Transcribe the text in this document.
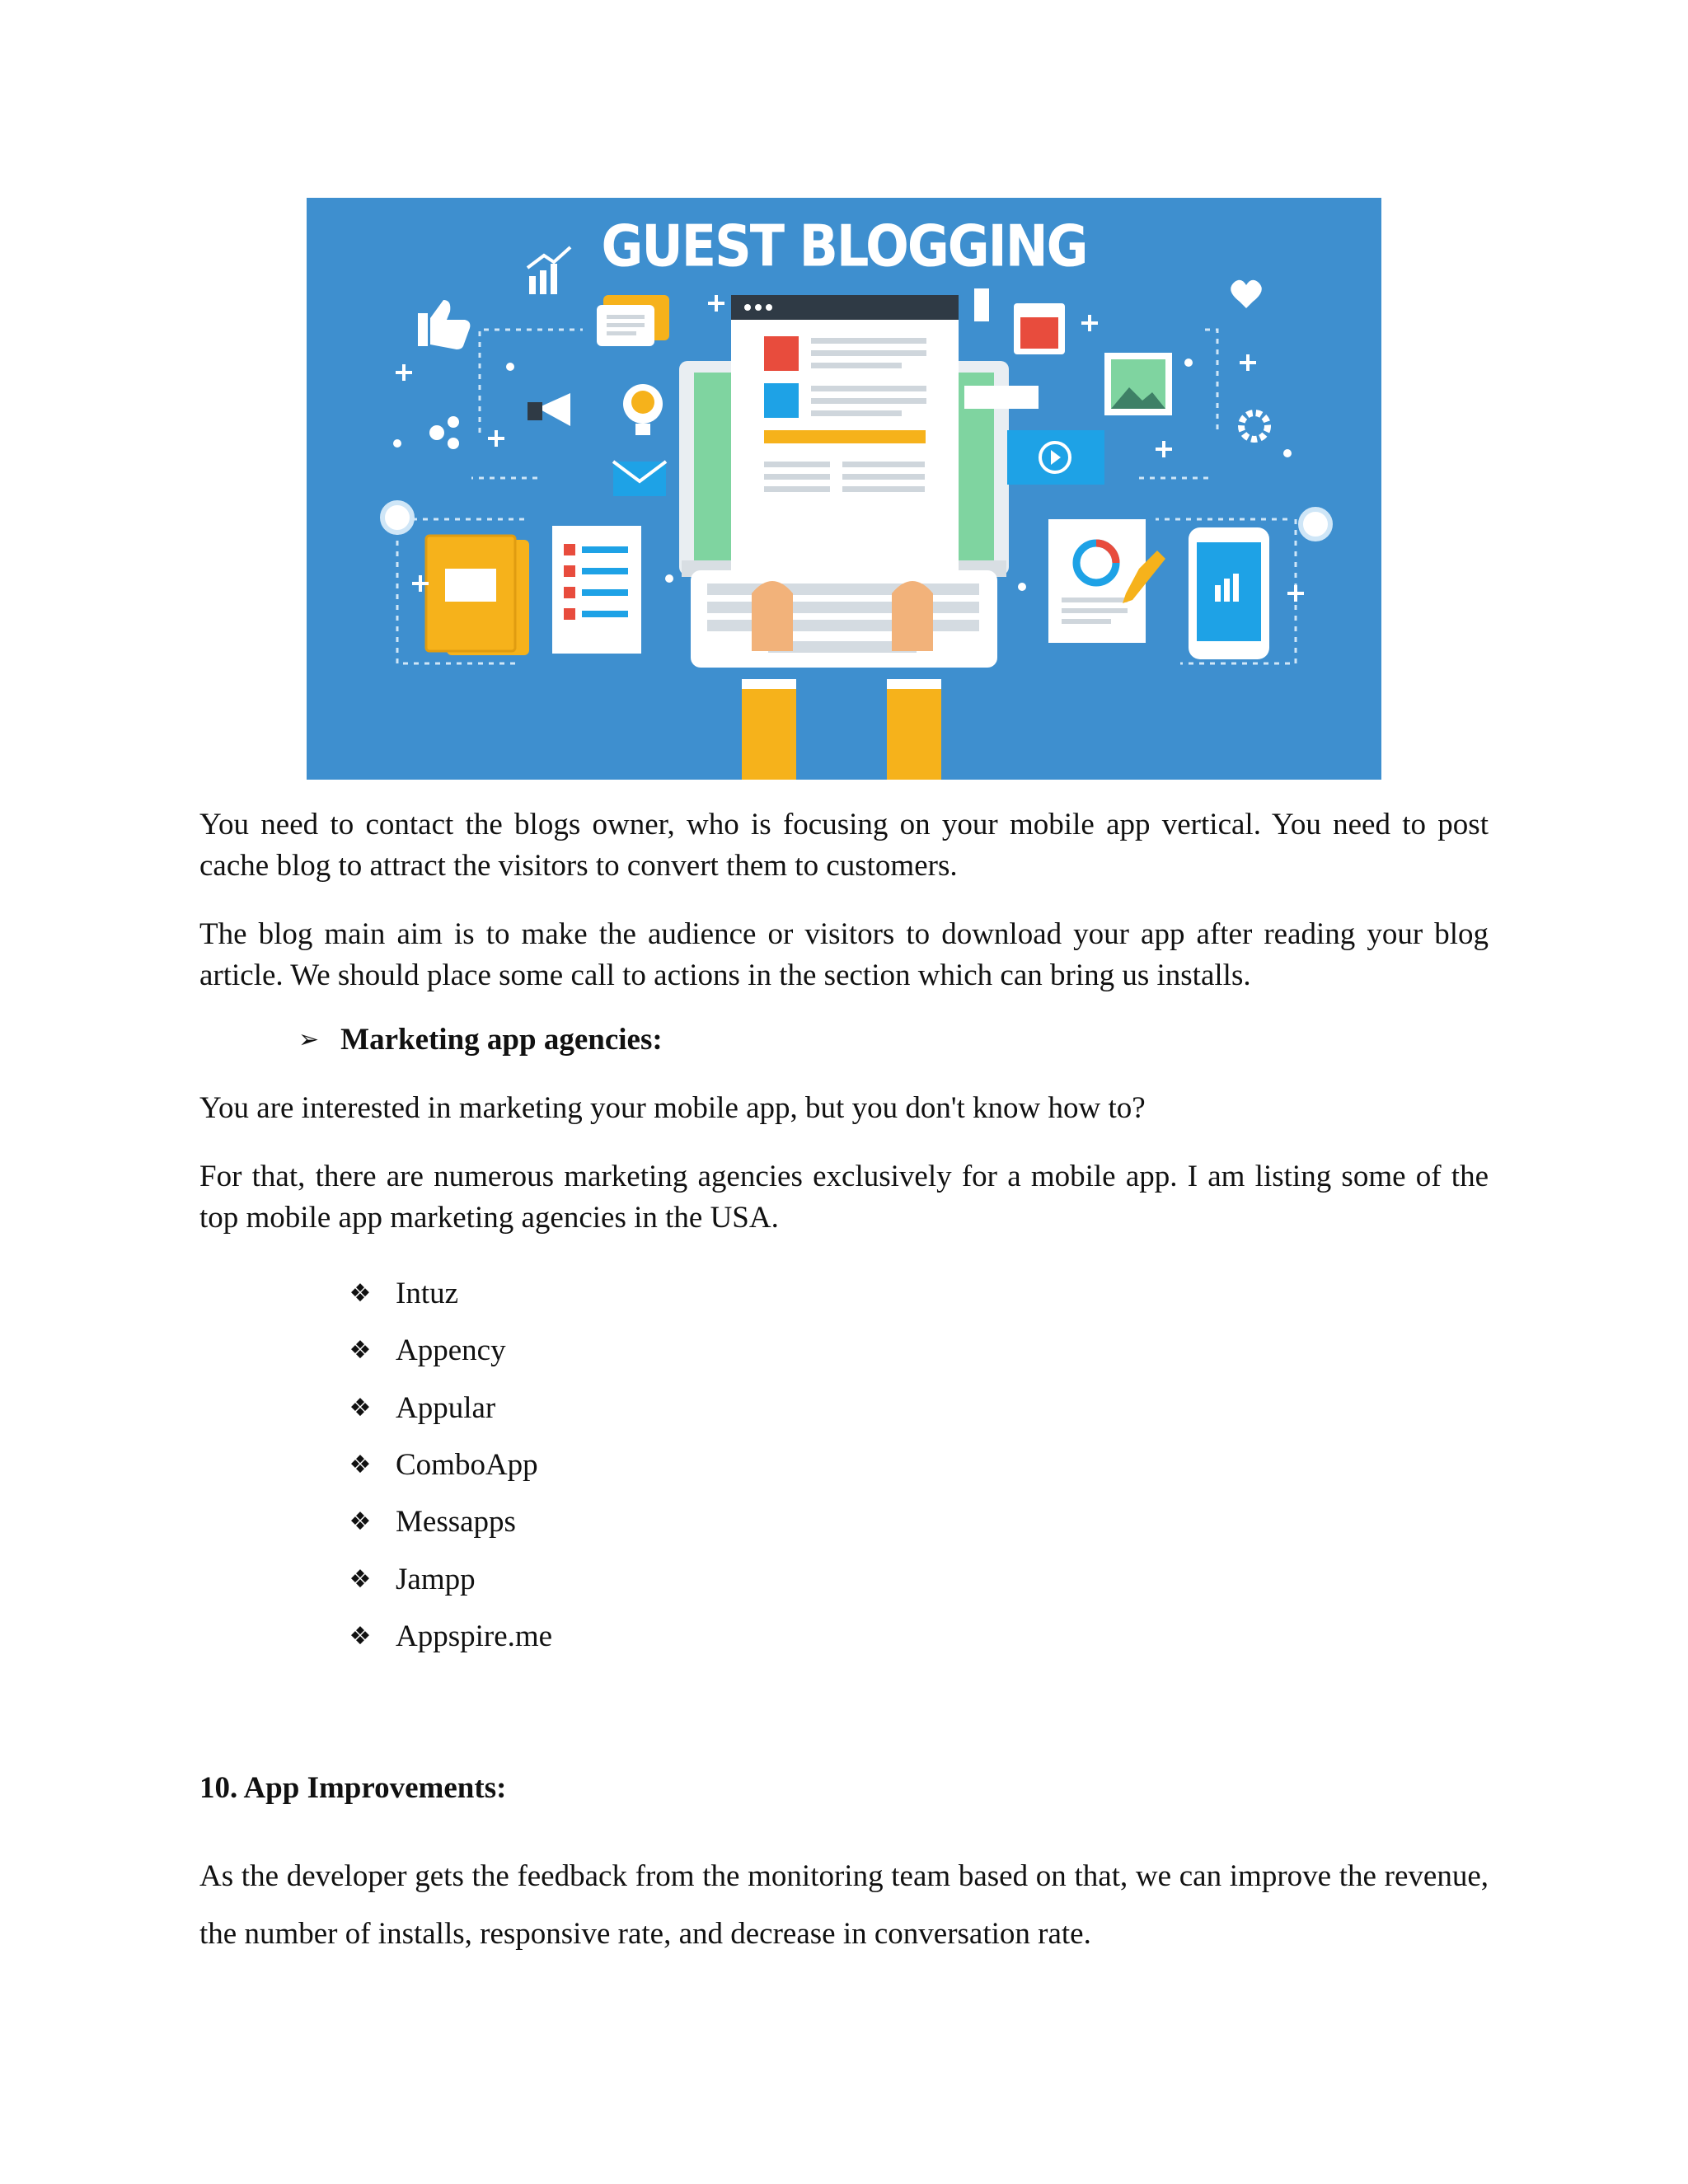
GUEST BLOGGING

You need to contact the blogs owner, who is focusing on your mobile app vertical. You need to post cache blog to attract the visitors to convert them to customers.

The blog main aim is to make the audience or visitors to download your app after reading your blog article. We should place some call to actions in the section which can bring us installs.

➢ Marketing app agencies:

You are interested in marketing your mobile app, but you don't know how to?

For that, there are numerous marketing agencies exclusively for a mobile app. I am listing some of the top mobile app marketing agencies in the USA.

❖ Intuz
❖ Appency
❖ Appular
❖ ComboApp
❖ Messapps
❖ Jampp
❖ Appspire.me
10. App Improvements:

As the developer gets the feedback from the monitoring team based on that, we can improve the revenue, the number of installs, responsive rate, and decrease in conversation rate.
